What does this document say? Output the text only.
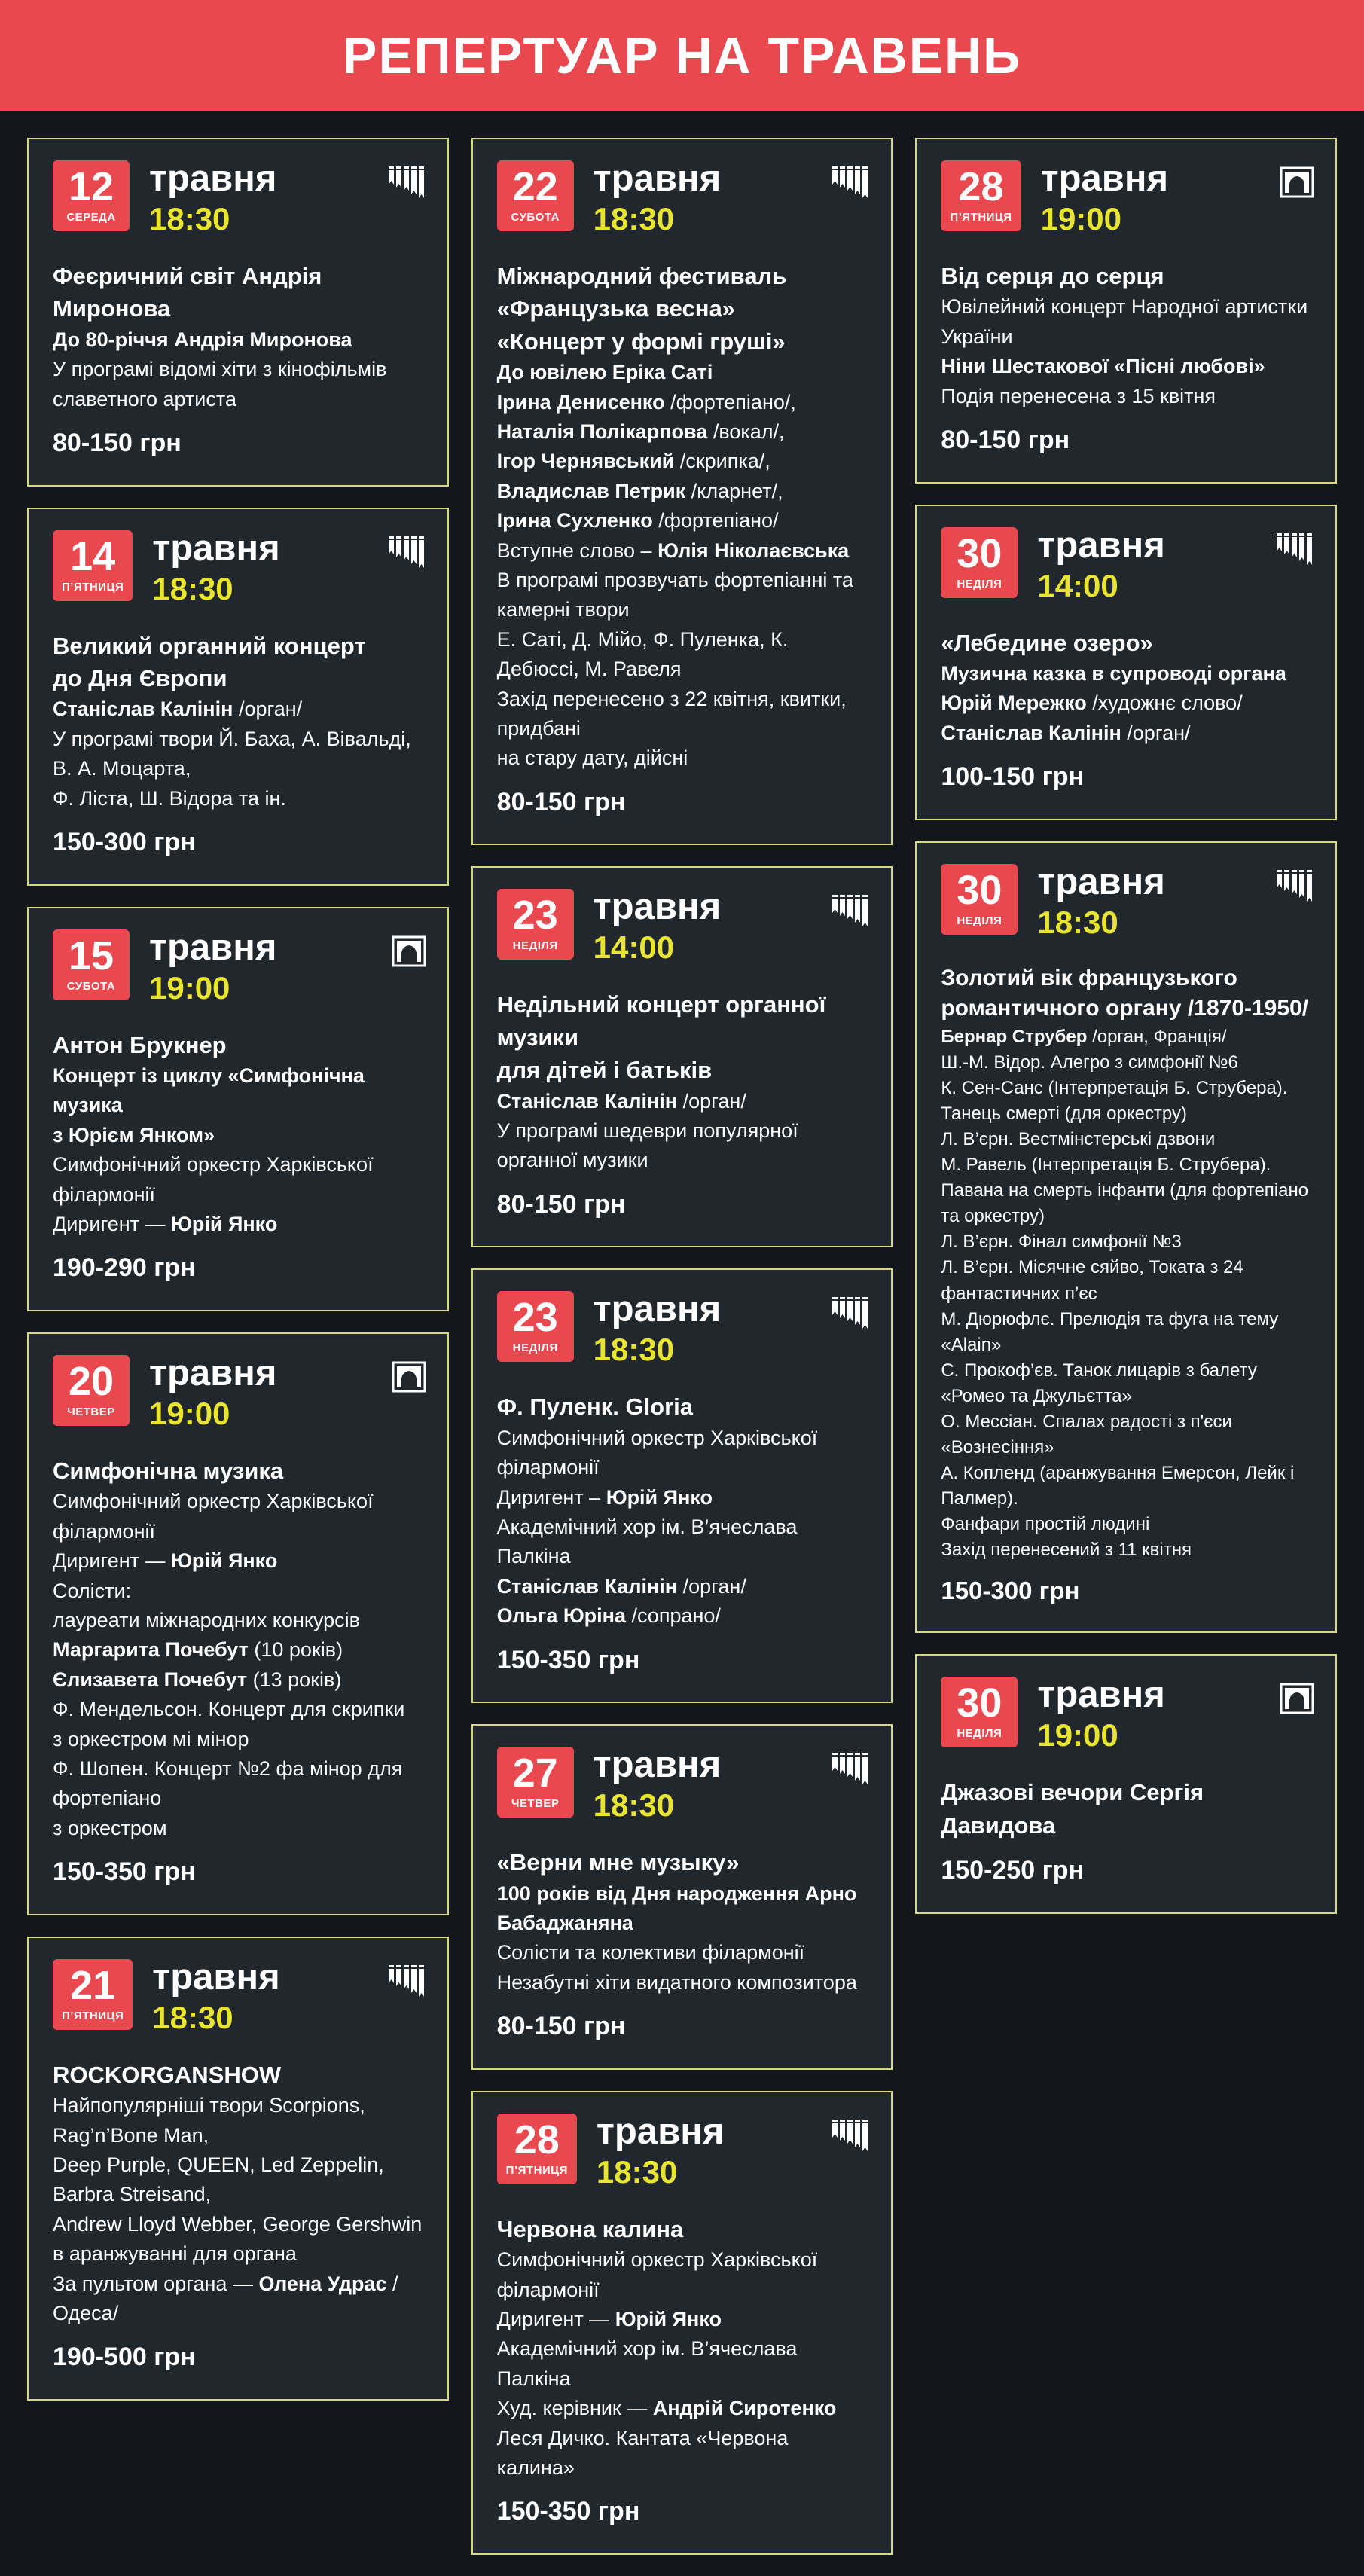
РЕПЕРТУАР НА ТРАВЕНЬ
12
СЕРЕДА
травня
18:30
Феєричний світ Андрія Миронова
До 80-річчя Андрія Миронова
У програмі відомі хіти з кінофільмів
славетного артиста
80-150 грн
14
П’ЯТНИЦЯ
травня
18:30
Великий органний концерт
до Дня Європи
Станіслав Калінін /орган/
У програмі твори Й. Баха, А. Вівальді, В. А. Моцарта,
Ф. Ліста, Ш. Відора та ін.
150-300 грн
15
СУБОТА
травня
19:00
Антон Брукнер
Концерт із циклу «Симфонічна музика
з Юрієм Янком»
Симфонічний оркестр Харківської філармонії
Диригент — Юрій Янко
190-290 грн
20
ЧЕТВЕР
травня
19:00
Симфонічна музика
Симфонічний оркестр Харківської філармонії
Диригент — Юрій Янко
Солісти:
лауреати міжнародних конкурсів
Маргарита Почебут (10 років)
Єлизавета Почебут (13 років)
Ф. Мендельсон. Концерт для скрипки
з оркестром мі мінор
Ф. Шопен. Концерт №2 фа мінор для фортепіано
з оркестром
150-350 грн
21
П’ЯТНИЦЯ
травня
18:30
ROCKORGANSHOW
Найпопулярніші твори Scorpions, Rag’n’Bone Man,
Deep Purple, QUEEN, Led Zeppelin, Barbra Streisand,
Andrew Lloyd Webber, George Gershwin
в аранжуванні для органа
За пультом органа — Олена Удрас /Одеса/
190-500 грн
22
СУБОТА
травня
18:30
Міжнародний фестиваль
«Французька весна»
«Концерт у формі груші»
До ювілею Еріка Саті
Ірина Денисенко /фортепіано/,
Наталія Полікарпова /вокал/,
Ігор Чернявський /скрипка/,
Владислав Петрик /кларнет/,
Ірина Сухленко /фортепіано/
Вступне слово – Юлія Ніколаєвська
В програмі прозвучать фортепіанні та камерні твори
Е. Саті, Д. Мійо, Ф. Пуленка, К. Дебюссі, М. Равеля
Захід перенесено з 22 квітня, квитки, придбані
на стару дату, дійсні
80-150 грн
23
НЕДІЛЯ
травня
14:00
Недільний концерт органної музики
для дітей і батьків
Станіслав Калінін /орган/
У програмі шедеври популярної органної музики
80-150 грн
23
НЕДІЛЯ
травня
18:30
Ф. Пуленк. Gloria
Симфонічний оркестр Харківської філармонії
Диригент – Юрій Янко
Академічний хор ім. В’ячеслава Палкіна
Станіслав Калінін /орган/
Ольга Юріна /сопрано/
150-350 грн
27
ЧЕТВЕР
травня
18:30
«Верни мне музыку»
100 років від Дня народження Арно Бабаджаняна
Солісти та колективи філармонії
Незабутні хіти видатного композитора
80-150 грн
28
П’ЯТНИЦЯ
травня
18:30
Червона калина
Симфонічний оркестр Харківської філармонії
Диригент — Юрій Янко
Академічний хор ім. В’ячеслава Палкіна
Худ. керівник — Андрій Сиротенко
Леся Дичко. Кантата «Червона калина»
150-350 грн
28
П’ЯТНИЦЯ
травня
19:00
Від серця до серця
Ювілейний концерт Народної артистки України
Ніни Шестакової «Пісні любові»
Подія перенесена з 15 квітня
80-150 грн
30
НЕДІЛЯ
травня
14:00
«Лебедине озеро»
Музична казка в супроводі органа
Юрій Мережко /художнє слово/
Станіслав Калінін /орган/
100-150 грн
30
НЕДІЛЯ
травня
18:30
Золотий вік французького
романтичного органу /1870-1950/
Бернар Струбер /орган, Франція/
Ш.-М. Відор. Алегро з симфонії №6
К. Сен-Санс (Інтерпретація Б. Струбера).
Танець смерті (для оркестру)
Л. В’єрн. Вестмінстерські дзвони
М. Равель (Інтерпретація Б. Струбера).
Павана на смерть інфанти (для фортепіано та оркестру)
Л. В’єрн. Фінал симфонії №3
Л. В’єрн. Місячне сяйво, Токата з 24 фантастичних п’єс
М. Дюрюфлє. Прелюдія та фуга на тему «Alain»
С. Прокоф’єв. Танок лицарів з балету
«Ромео та Джульєтта»
О. Мессіан. Спалах радості з п'єси «Вознесіння»
А. Копленд (аранжування Емерсон, Лейк і Палмер).
Фанфари простій людині
Захід перенесений з 11 квітня
150-300 грн
30
НЕДІЛЯ
травня
19:00
Джазові вечори Сергія Давидова
150-250 грн
